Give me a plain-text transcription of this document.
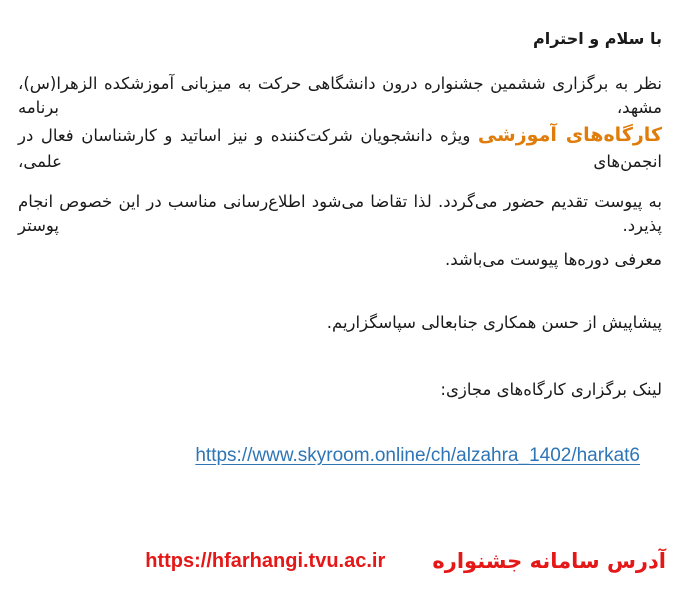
با سلام و احترام
نظر به برگزاری ششمین جشنواره درون دانشگاهی حرکت به میزبانی آموزشکده الزهرا(س)، مشهد، برنامه
کارگاه‌های آموزشی ویژه دانشجویان شرکت‌کننده و نیز اساتید و کارشناسان فعال در انجمن‌های علمی،
به پیوست تقدیم حضور می‌گردد. لذا تقاضا می‌شود اطلاع‌رسانی مناسب در این خصوص انجام پذیرد. پوستر
معرفی دوره‌ها پیوست می‌باشد.
پیشاپیش از حسن همکاری جنابعالی سپاسگزاریم.
لینک برگزاری کارگاه‌های مجازی:
https://www.skyroom.online/ch/alzahra_1402/harkat6
آدرس سامانه جشنواره https://hfarhangi.tvu.ac.ir
